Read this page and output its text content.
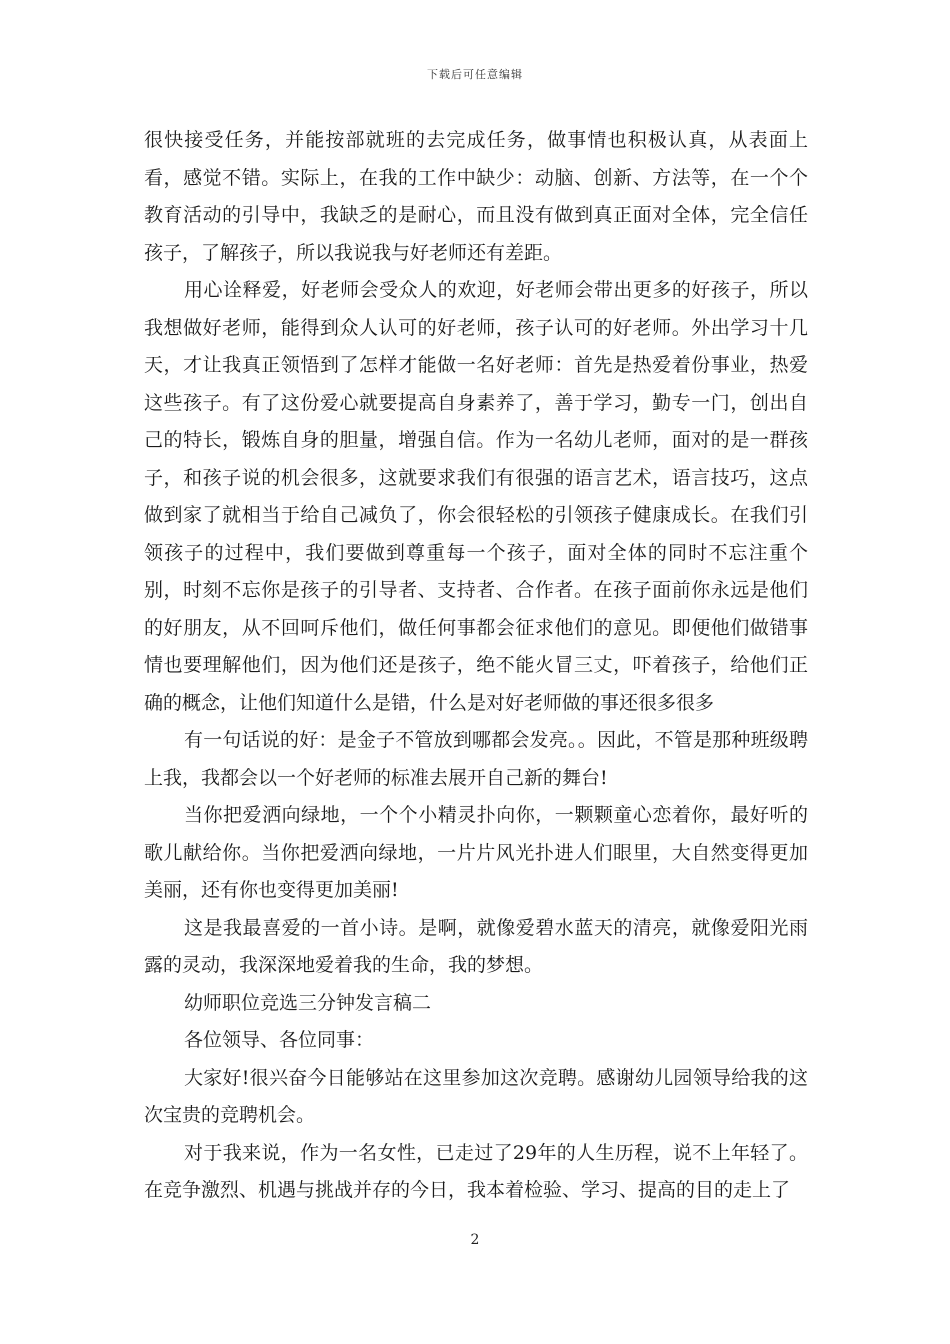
下载后可任意编辑

很快接受任务，并能按部就班的去完成任务，做事情也积极认真，从表面上看，感觉不错。实际上，在我的工作中缺少：动脑、创新、方法等，在一个个教育活动的引导中，我缺乏的是耐心，而且没有做到真正面对全体，完全信任孩子，了解孩子，所以我说我与好老师还有差距。

用心诠释爱，好老师会受众人的欢迎，好老师会带出更多的好孩子，所以我想做好老师，能得到众人认可的好老师，孩子认可的好老师。外出学习十几天，才让我真正领悟到了怎样才能做一名好老师：首先是热爱着份事业，热爱这些孩子。有了这份爱心就要提高自身素养了，善于学习，勤专一门，创出自己的特长，锻炼自身的胆量，增强自信。作为一名幼儿老师，面对的是一群孩子，和孩子说的机会很多，这就要求我们有很强的语言艺术，语言技巧，这点做到家了就相当于给自己减负了，你会很轻松的引领孩子健康成长。在我们引领孩子的过程中，我们要做到尊重每一个孩子，面对全体的同时不忘注重个别，时刻不忘你是孩子的引导者、支持者、合作者。在孩子面前你永远是他们的好朋友，从不回呵斥他们，做任何事都会征求他们的意见。即便他们做错事情也要理解他们，因为他们还是孩子，绝不能火冒三丈，吓着孩子，给他们正确的概念，让他们知道什么是错，什么是对好老师做的事还很多很多

有一句话说的好：是金子不管放到哪都会发亮。。因此，不管是那种班级聘上我，我都会以一个好老师的标准去展开自己新的舞台!

当你把爱洒向绿地，一个个小精灵扑向你，一颗颗童心恋着你，最好听的歌儿献给你。当你把爱洒向绿地，一片片风光扑进人们眼里，大自然变得更加美丽，还有你也变得更加美丽!

这是我最喜爱的一首小诗。是啊，就像爱碧水蓝天的清亮，就像爱阳光雨露的灵动，我深深地爱着我的生命，我的梦想。

幼师职位竞选三分钟发言稿二

各位领导、各位同事：

大家好!很兴奋今日能够站在这里参加这次竞聘。感谢幼儿园领导给我的这次宝贵的竞聘机会。

对于我来说，作为一名女性，已走过了29年的人生历程，说不上年轻了。在竞争激烈、机遇与挑战并存的今日，我本着检验、学习、提高的目的走上了

2
